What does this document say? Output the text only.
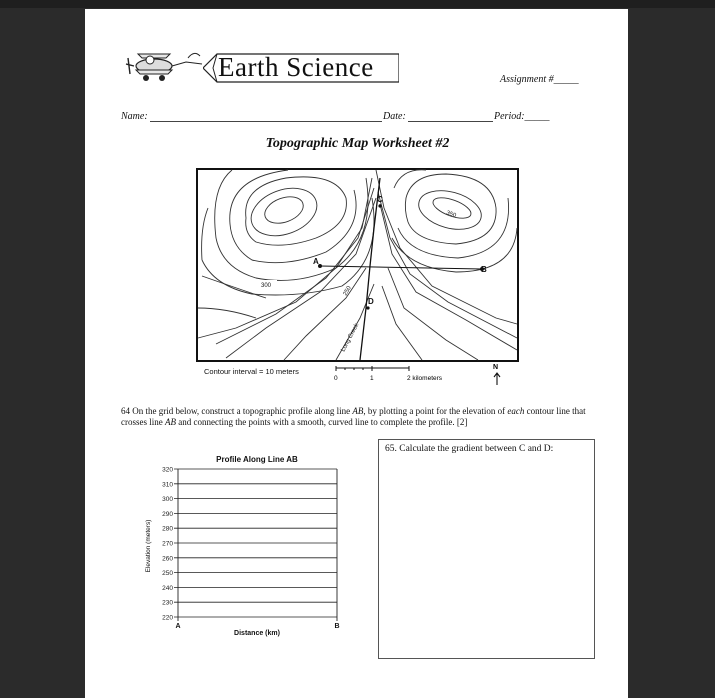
Earth Science	Assignment #_____
Name:	Date:	Period:_____
Topographic Map Worksheet #2
A
B
C
D
300	250
350
Long Creek
Contour interval = 10 meters
0	1	2 kilometers
N
64 On the grid below, construct a topographic profile along line AB, by plotting a point for the elevation of each contour line that crosses line AB and connecting the points with a smooth, curved line to complete the profile. [2]
Profile Along Line AB
Elevation (meters)
Distance (km)
220
230
240
250
260
270
280
290
300
310
320
A	B
65. Calculate the gradient between C and D:
